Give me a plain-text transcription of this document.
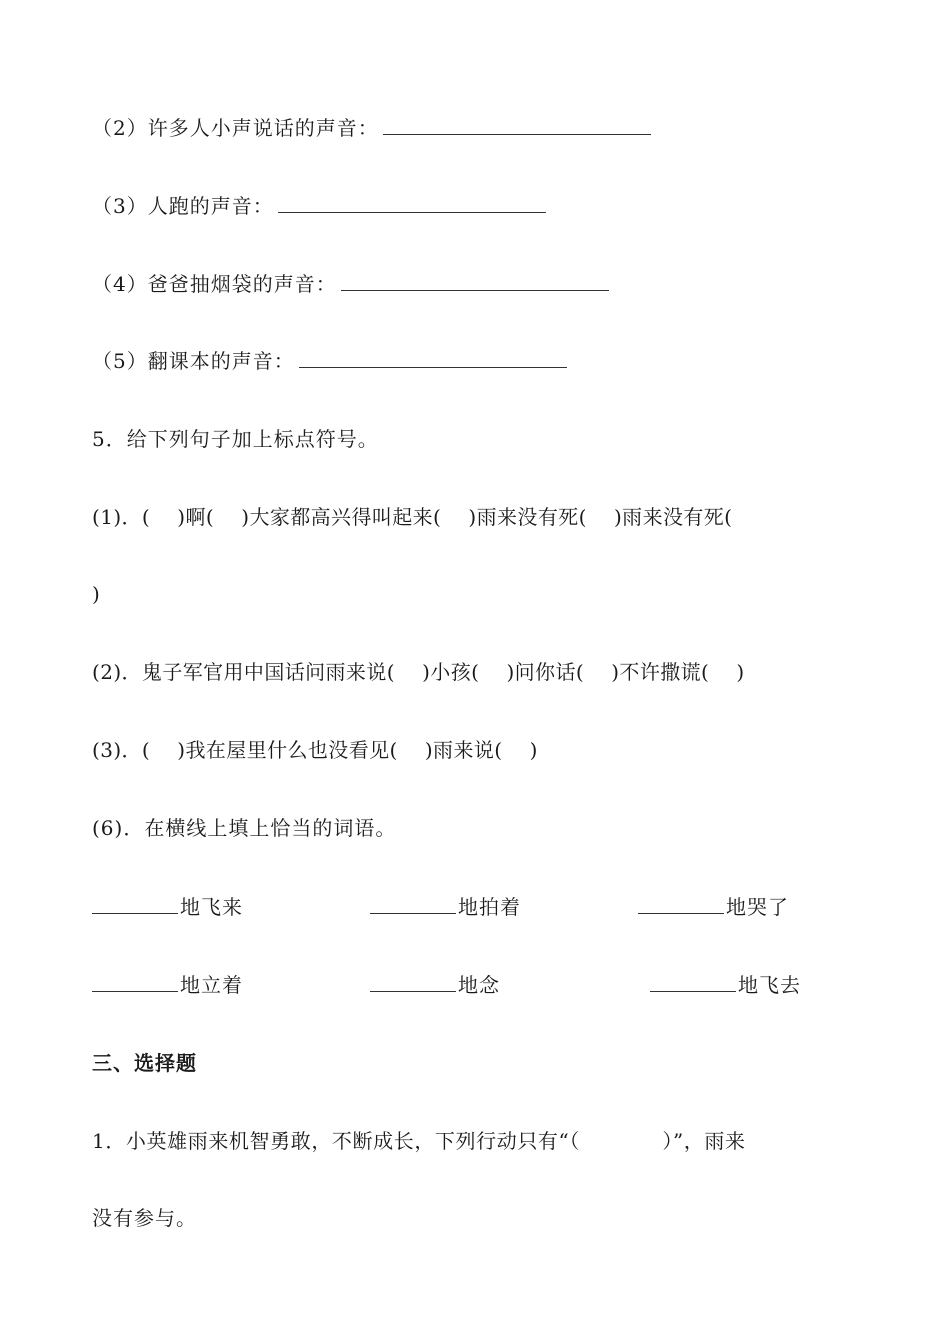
（2）许多人小声说话的声音：
（3）人跑的声音：
（4）爸爸抽烟袋的声音：
（5）翻课本的声音：
5．给下列句子加上标点符号。
(1)．(　 )啊(　 )大家都高兴得叫起来(　 )雨来没有死(　 )雨来没有死(
)
(2)．鬼子军官用中国话问雨来说(　 )小孩(　 )问你话(　 )不许撒谎(　 )
(3)．(　 )我在屋里什么也没看见(　 )雨来说(　 )
(6)．在横线上填上恰当的词语。
地飞来	地拍着	地哭了
地立着	地念	地飞去
三、选择题
1．小英雄雨来机智勇敢，不断成长，下列行动只有“（　　　　）”，雨来
没有参与。
